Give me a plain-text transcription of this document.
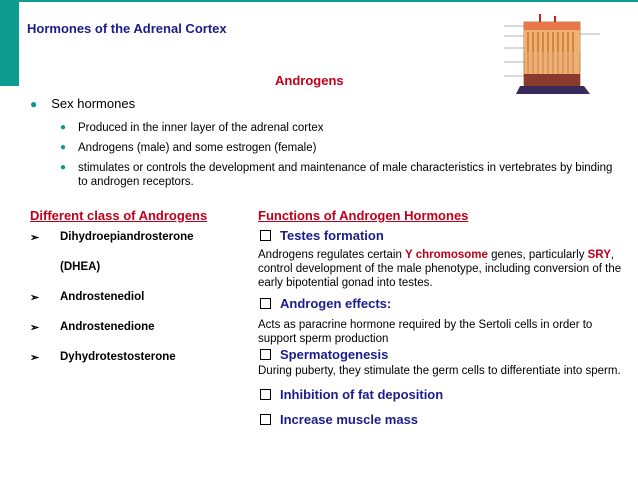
Hormones of the Adrenal Cortex
Androgens
● Sex hormones
● Produced in the inner layer of the adrenal cortex
● Androgens (male) and some estrogen (female)
● stimulates or controls the development and maintenance of male characteristics in vertebrates by binding to androgen receptors.
Different class of Androgens
➢ Dihydroepiandrosterone
(DHEA)
➢ Androstenediol
➢ Androstenedione
➢ Dyhydrotestosterone
Functions of Androgen Hormones
Testes formation
Androgens regulates certain Y chromosome genes, particularly SRY, control development of the male phenotype, including conversion of the early bipotential gonad into testes.
Androgen effects:
Acts as paracrine hormone required by the Sertoli cells in order to support sperm production
Spermatogenesis
During puberty, they stimulate the germ cells to differentiate into sperm.
Inhibition of fat deposition
Increase muscle mass
